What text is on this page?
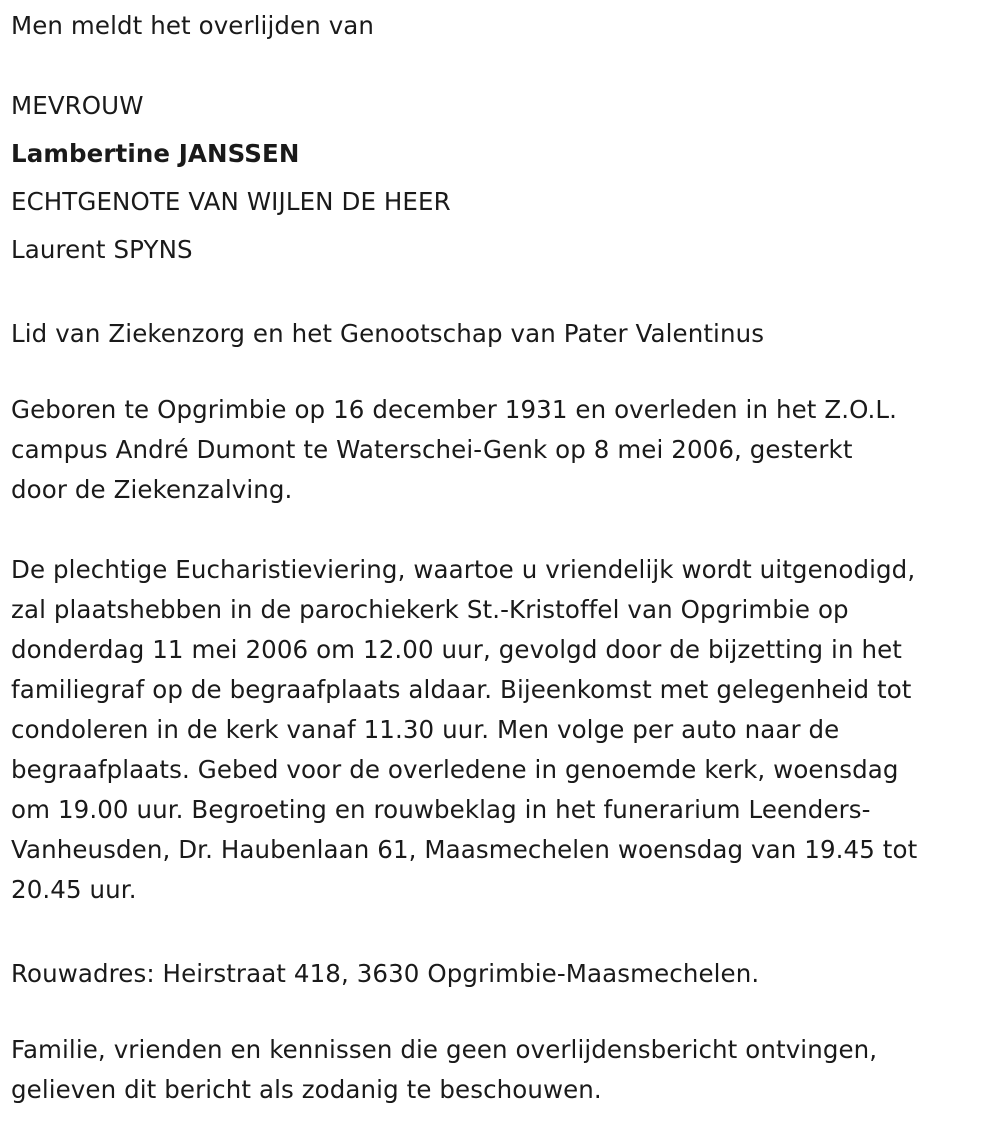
Men meldt het overlijden van
MEVROUW
Lambertine JANSSEN
ECHTGENOTE VAN WIJLEN DE HEER
Laurent SPYNS
Lid van Ziekenzorg en het Genootschap van Pater Valentinus

Geboren te Opgrimbie op 16 december 1931 en overleden in het Z.O.L.
campus André Dumont te Waterschei-Genk op 8 mei 2006, gesterkt
door de Ziekenzalving.

De plechtige Eucharistieviering, waartoe u vriendelijk wordt uitgenodigd,
zal plaatshebben in de parochiekerk St.-Kristoffel van Opgrimbie op
donderdag 11 mei 2006 om 12.00 uur, gevolgd door de bijzetting in het
familiegraf op de begraafplaats aldaar. Bijeenkomst met gelegenheid tot
condoleren in de kerk vanaf 11.30 uur. Men volge per auto naar de
begraafplaats. Gebed voor de overledene in genoemde kerk, woensdag
om 19.00 uur. Begroeting en rouwbeklag in het funerarium Leenders-
Vanheusden, Dr. Haubenlaan 61, Maasmechelen woensdag van 19.45 tot
20.45 uur.

Rouwadres: Heirstraat 418, 3630 Opgrimbie-Maasmechelen.

Familie, vrienden en kennissen die geen overlijdensbericht ontvingen,
gelieven dit bericht als zodanig te beschouwen.
